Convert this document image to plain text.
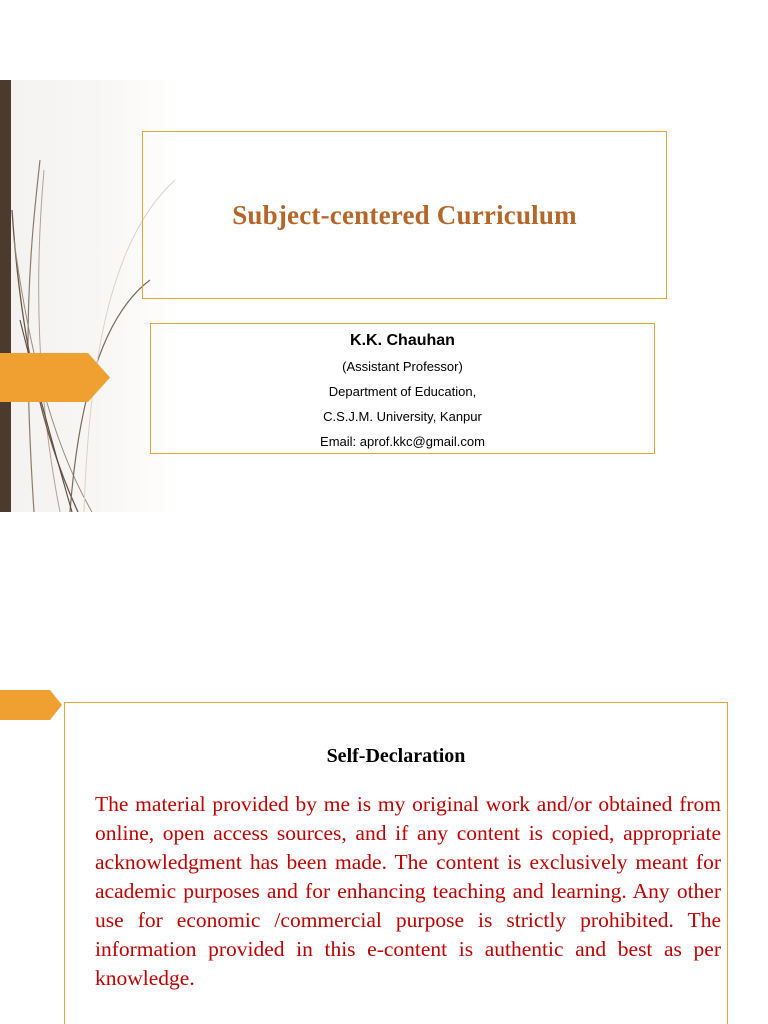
Subject-centered Curriculum
K.K. Chauhan
(Assistant Professor)
Department of Education,
C.S.J.M. University, Kanpur
Email: aprof.kkc@gmail.com
Self-Declaration
The material provided by me is my original work and/or obtained from online, open access sources, and if any content is copied, appropriate acknowledgment has been made. The content is exclusively meant for academic purposes and for enhancing teaching and learning. Any other use for economic /commercial purpose is strictly prohibited. The information provided in this e-content is authentic and best as per knowledge.
